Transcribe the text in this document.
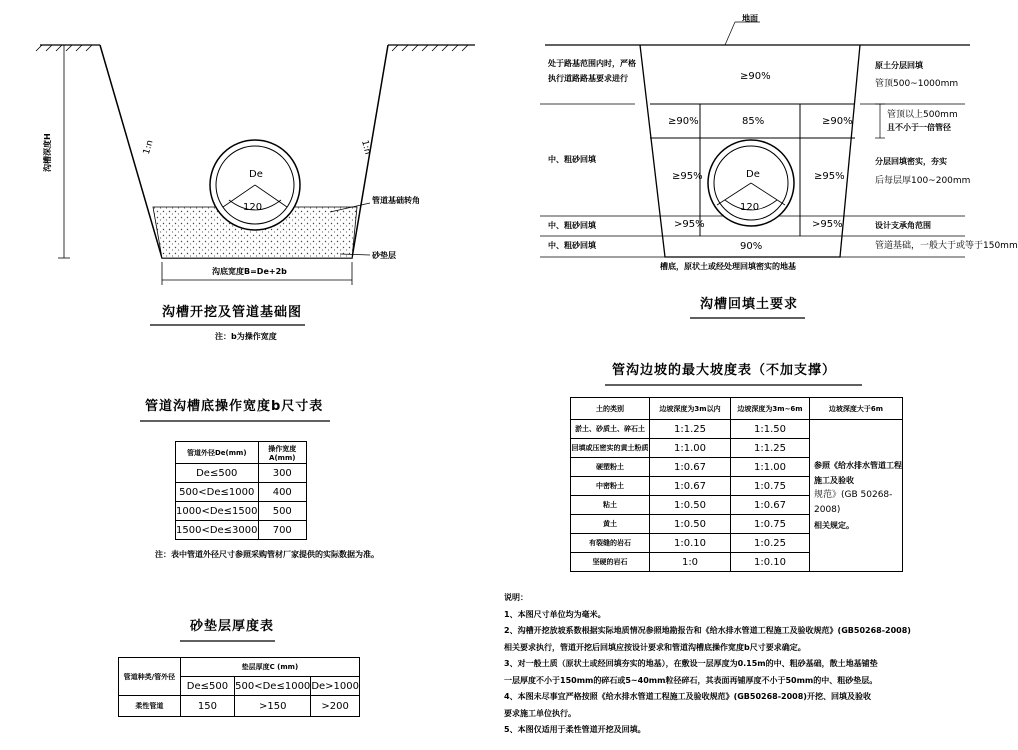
De
120
1:n	1:n
沟槽深度H
管道基础转角
砂垫层
沟底宽度B=De+2b
沟槽开挖及管道基础图
注：b为操作宽度
地面
处于路基范围内时，严格
执行道路路基要求进行
中、粗砂回填
中、粗砂回填
中、粗砂回填
原土分层回填
管顶500~1000mm
管顶以上500mm
且不小于一倍管径
分层回填密实，夯实
后每层厚100~200mm
设计支承角范围
管道基础，一般大于或等于150mm
槽底，原状土或经处理回填密实的地基
≥90%
≥90%	85%	≥90%
≥95%	≥95%
>95%	>95%
90%
De
120
沟槽回填土要求
管沟边坡的最大坡度表（不加支撑）
土的类别	边坡深度为3m以内	边坡深度为3m~6m	边坡深度大于6m
淤土、砂质土、碎石土	1:1.25	1:1.50	参照《给水排水管道工程施工及验收
规范》(GB 50268-2008)
相关规定。

回填或压密实的黄土粉质	1:1.00	1:1.25	
硬塑粉土	1:0.67	1:1.00	
中密粉土	1:0.67	1:0.75	
粘土	1:0.50	1:0.67	
黄土	1:0.50	1:0.75	
有裂缝的岩石	1:0.10	1:0.25	
坚硬的岩石	1:0	1:0.10	
管道沟槽底操作宽度b尺寸表
管道外径De(mm)	操作宽度A(mm)
De≤500	300
500<De≤1000	400
1000<De≤1500	500
1500<De≤3000	700
注：表中管道外径尺寸参照采购管材厂家提供的实际数据为准。
砂垫层厚度表
管道种类/管外径	垫层厚度C (mm)		
	De≤500	500<De≤1000	De>1000
柔性管道	150	>150	>200
说明：
1、本图尺寸单位均为毫米。
2、沟槽开挖放坡系数根据实际地质情况参照地勘报告和《给水排水管道工程施工及验收规范》(GB50268-2008)
相关要求执行，管道开挖后回填应按设计要求和管道沟槽底操作宽度b尺寸要求确定。
3、对一般土质（原状土或经回填夯实的地基），在敷设一层厚度为0.15m的中、粗砂基础，散土地基铺垫
一层厚度不小于150mm的碎石或5~40mm粒径碎石，其表面再铺厚度不小于50mm的中、粗砂垫层。
4、本图未尽事宜严格按照《给水排水管道工程施工及验收规范》(GB50268-2008)开挖、回填及验收
要求施工单位执行。
5、本图仅适用于柔性管道开挖及回填。
